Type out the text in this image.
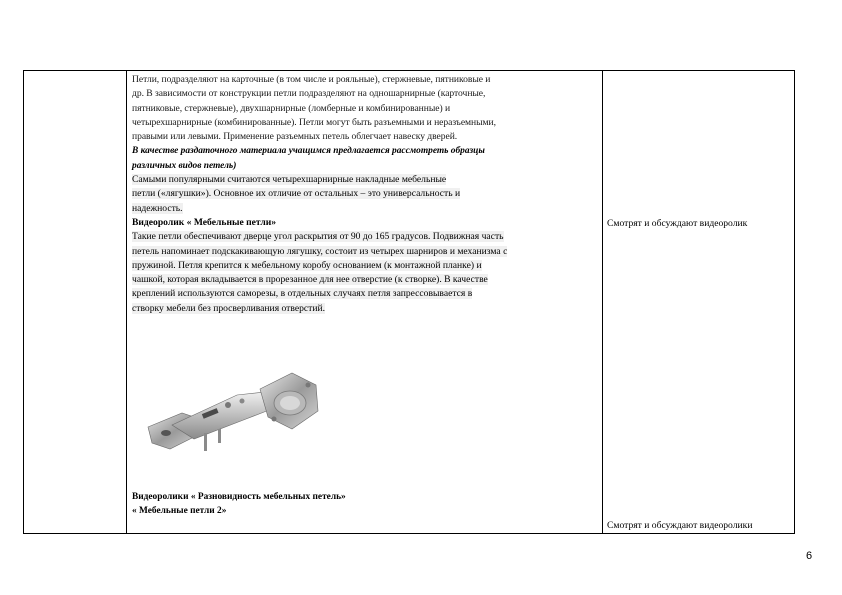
Петли, подразделяют на карточные (в том числе и рояльные), стержневые, пятниковые и

др. В зависимости от конструкции петли подразделяют на одношарнирные (карточные,

пятниковые, стержневые), двухшарнирные (ломберные и комбинированные) и

четырехшарнирные (комбинированные). Петли могут быть разъемными и неразъемными,

правыми или левыми. Применение разъемных петель облегчает навеску дверей.

В качестве раздаточного материала учащимся предлагается рассмотреть образцы

различных видов петель)

Самыми популярными считаются четырехшарнирные накладные мебельные

петли («лягушки»). Основное их отличие от остальных – это универсальность и

надежность.

Видеоролик « Мебельные петли»

Такие петли обеспечивают дверце угол раскрытия от 90 до 165 градусов. Подвижная часть

петель напоминает подскакивающую лягушку, состоит из четырех шарниров и механизма с

пружиной. Петля крепится к мебельному коробу основанием (к монтажной планке) и

чашкой, которая вкладывается в прорезанное для нее отверстие (к створке). В качестве

креплений используются саморезы, в отдельных случаях петля запрессовывается в

створку мебели без просверливания отверстий.

Видеоролики « Разновидность мебельных петель»

« Мебельные петли 2»

Смотрят и обсуждают видеоролик
Смотрят и обсуждают видеоролики
6
